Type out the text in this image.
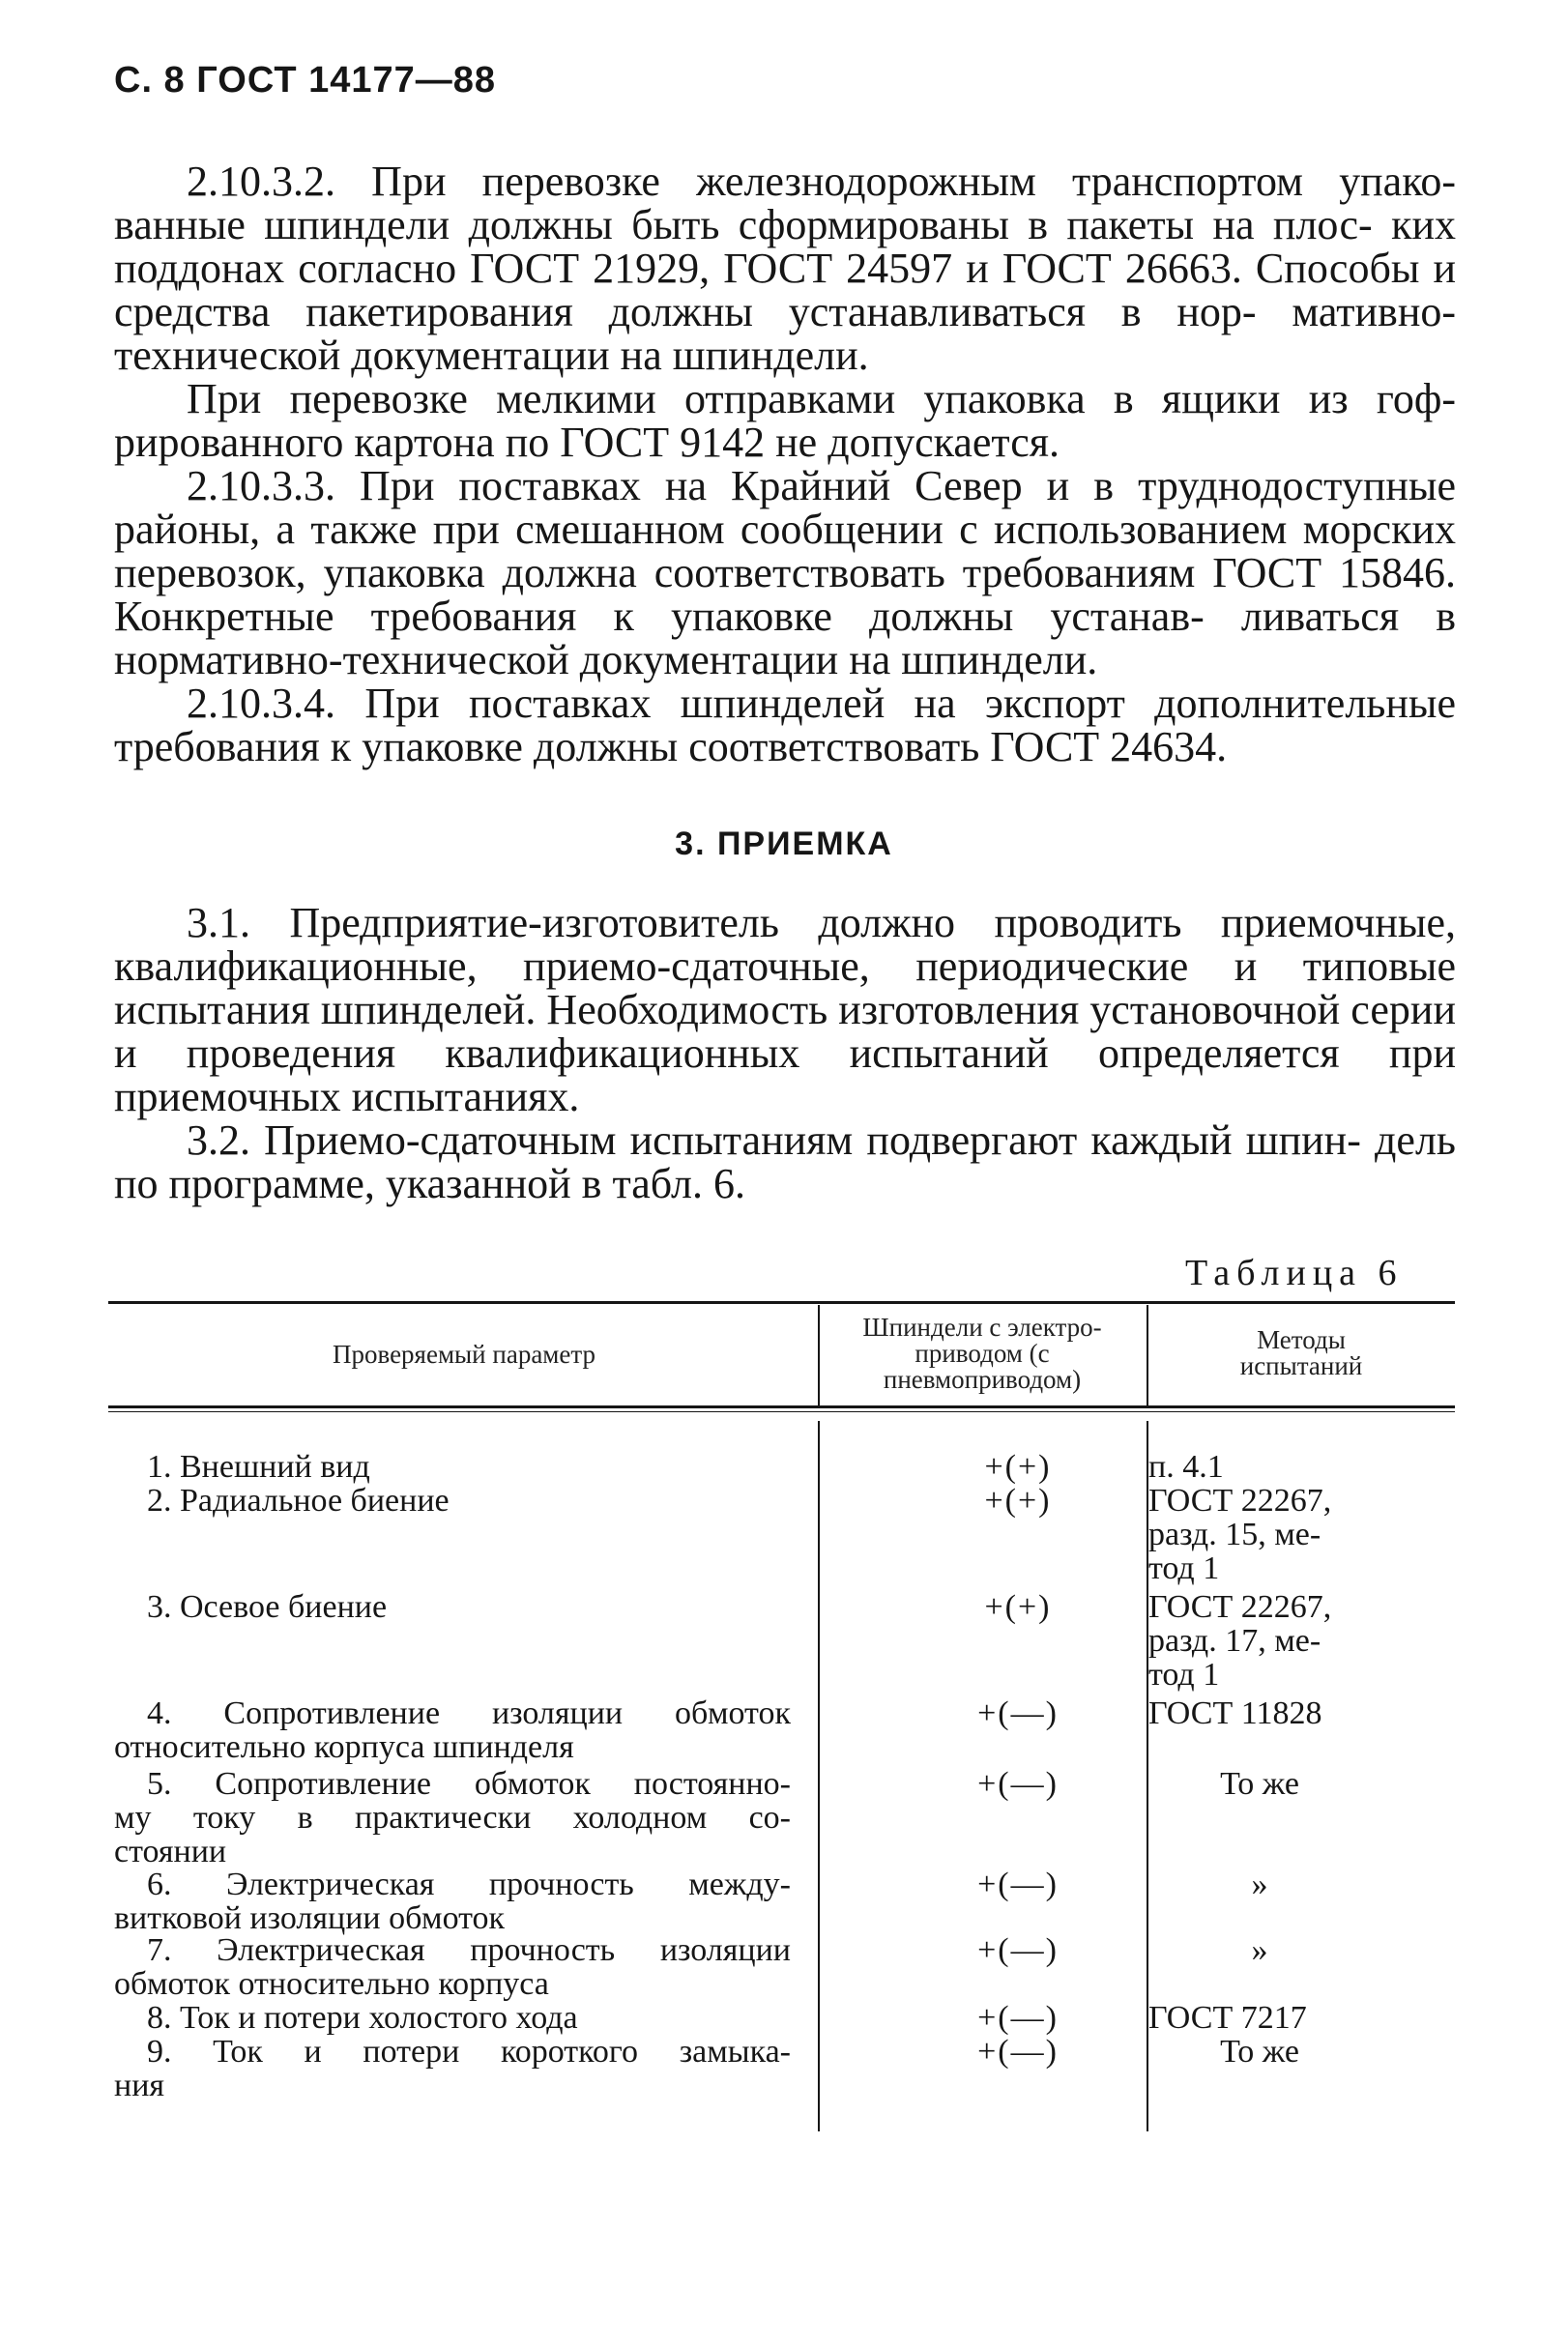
С. 8 ГОСТ 14177—88

2.10.3.2. При перевозке железнодорожным транспортом упако- ванные шпиндели должны быть сформированы в пакеты на плос- ких поддонах согласно ГОСТ 21929, ГОСТ 24597 и ГОСТ 26663. Способы и средства пакетирования должны устанавливаться в нор- мативно-технической документации на шпиндели.

При перевозке мелкими отправками упаковка в ящики из гоф- рированного картона по ГОСТ 9142 не допускается.

2.10.3.3. При поставках на Крайний Север и в труднодоступные районы, а также при смешанном сообщении с использованием морских перевозок, упаковка должна соответствовать требованиям ГОСТ 15846. Конкретные требования к упаковке должны устанав- ливаться в нормативно-технической документации на шпиндели.

2.10.3.4. При поставках шпинделей на экспорт дополнительные требования к упаковке должны соответствовать ГОСТ 24634.

3. ПРИЕМКА

3.1. Предприятие-изготовитель должно проводить приемочные, квалификационные, приемо-сдаточные, периодические и типовые испытания шпинделей. Необходимость изготовления установочной серии и проведения квалификационных испытаний определяется при приемочных испытаниях.

3.2. Приемо-сдаточным испытаниям подвергают каждый шпин- дель по программе, указанной в табл. 6.

Таблица 6
Проверяемый параметр
Шпиндели с электро-
приводом (с
пневмоприводом)
Методы
испытаний
1. Внешний вид	+(+)	п. 4.1
2. Радиальное биение	+(+)	ГОСТ 22267,
разд. 15, ме-
тод 1
3. Осевое биение	+(+)	ГОСТ 22267,
разд. 17, ме-
тод 1
4. Сопротивление изоляции обмоток
относительно корпуса шпинделя
+(—)	ГОСТ 11828
5. Сопротивление обмоток постоянно-
му току в практически холодном со-
стоянии
+(—)	То же
6. Электрическая прочность между-
витковой изоляции обмоток
+(—)	»
7. Электрическая прочность изоляции
обмоток относительно корпуса
+(—)	»
8. Ток и потери холостого хода	+(—)	ГОСТ 7217
9. Ток и потери короткого замыка-
ния
+(—)	То же
